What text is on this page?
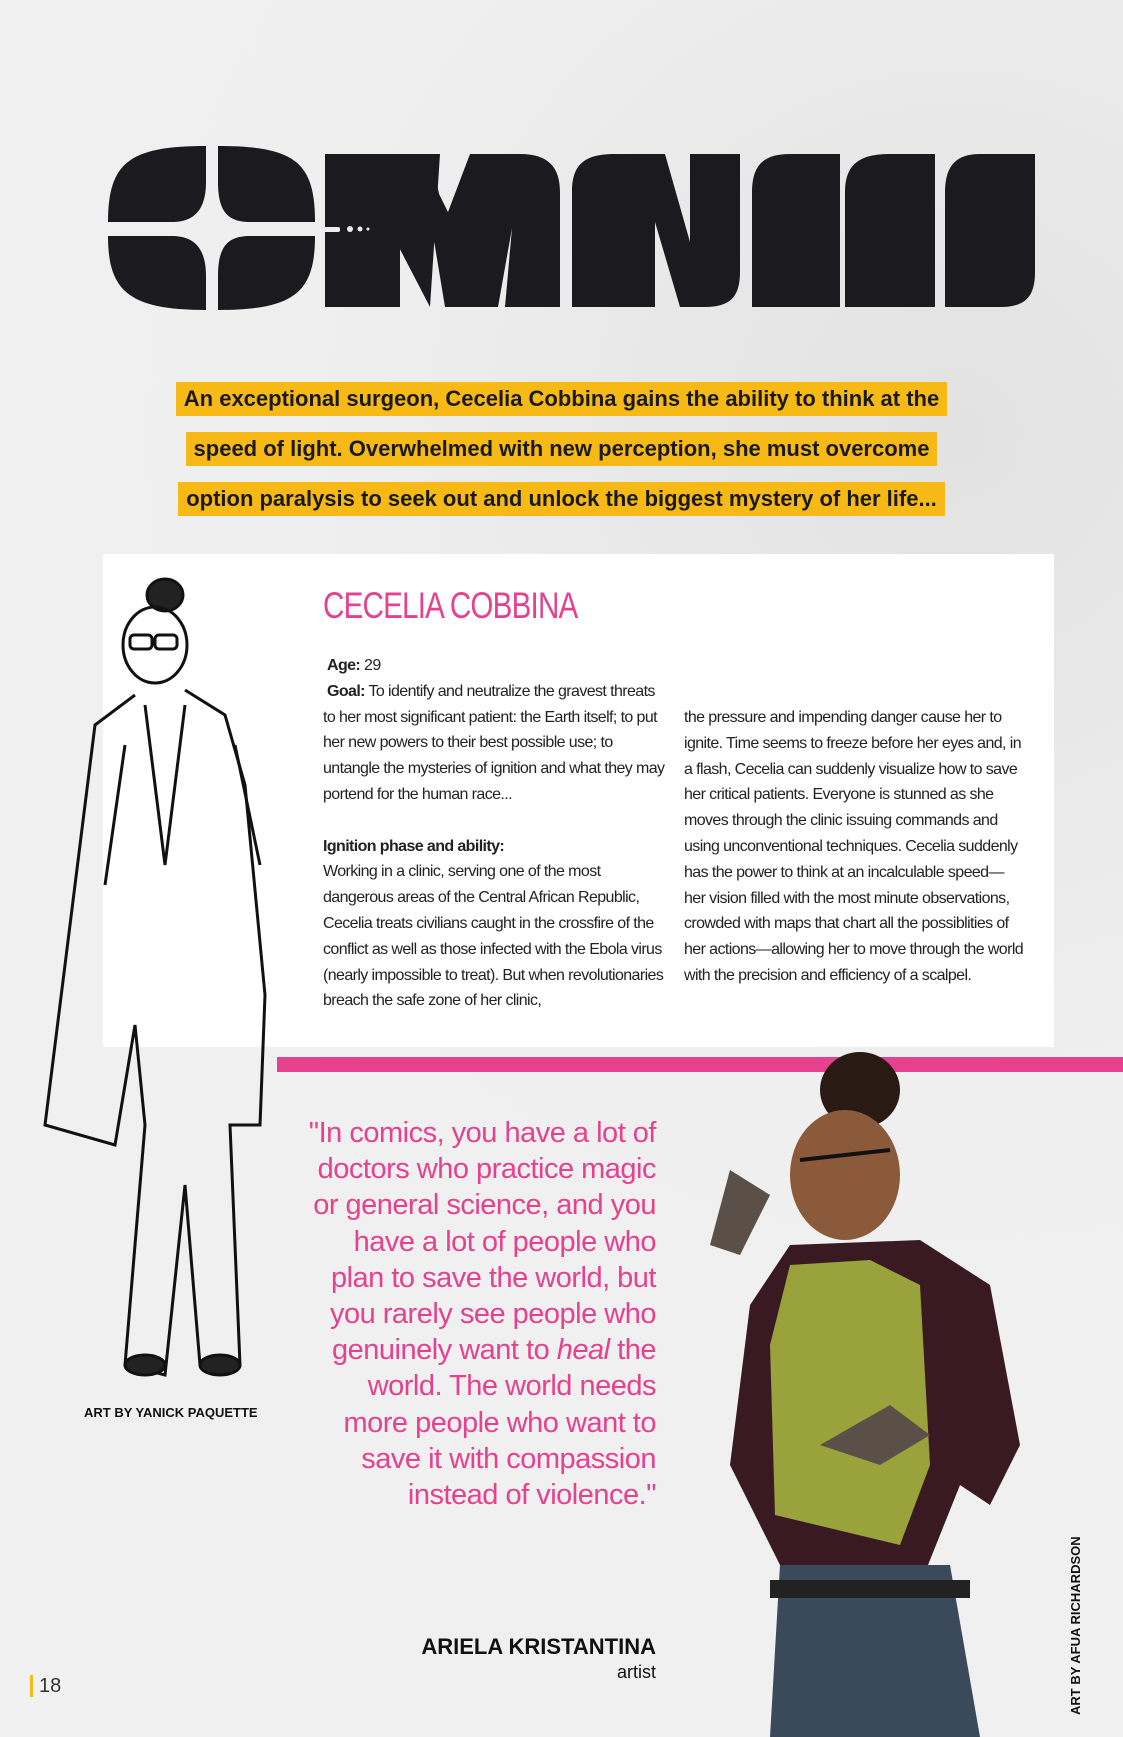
An exceptional surgeon, Cecelia Cobbina gains the ability to think at the
speed of light. Overwhelmed with new perception, she must overcome
option paralysis to seek out and unlock the biggest mystery of her life...
CECELIA COBBINA

Age: 29

Goal: To identify and neutralize the gravest threats to her most significant patient: the Earth itself; to put her new powers to their best possible use; to untangle the mysteries of ignition and what they may portend for the human race...

Ignition phase and ability:

Working in a clinic, serving one of the most dangerous areas of the Central African Republic, Cecelia treats civilians caught in the crossfire of the conflict as well as those infected with the Ebola virus (nearly impossible to treat). But when revolutionaries breach the safe zone of her clinic,

the pressure and impending danger cause her to ignite. Time seems to freeze before her eyes and, in a flash, Cecelia can suddenly visualize how to save her critical patients. Everyone is stunned as she moves through the clinic issuing commands and using unconventional techniques. Cecelia suddenly has the power to think at an incalculable speed—her vision filled with the most minute observations, crowded with maps that chart all the possiblities of her actions—allowing her to move through the world with the precision and efficiency of a scalpel.

"In comics, you have a lot of doctors who practice magic or general science, and you have a lot of people who plan to save the world, but you rarely see people who genuinely want to heal the world. The world needs more people who want to save it with compassion instead of violence."
ARIELA KRISTANTINA
artist
ART BY YANICK PAQUETTE
ART BY AFUA RICHARDSON
18
